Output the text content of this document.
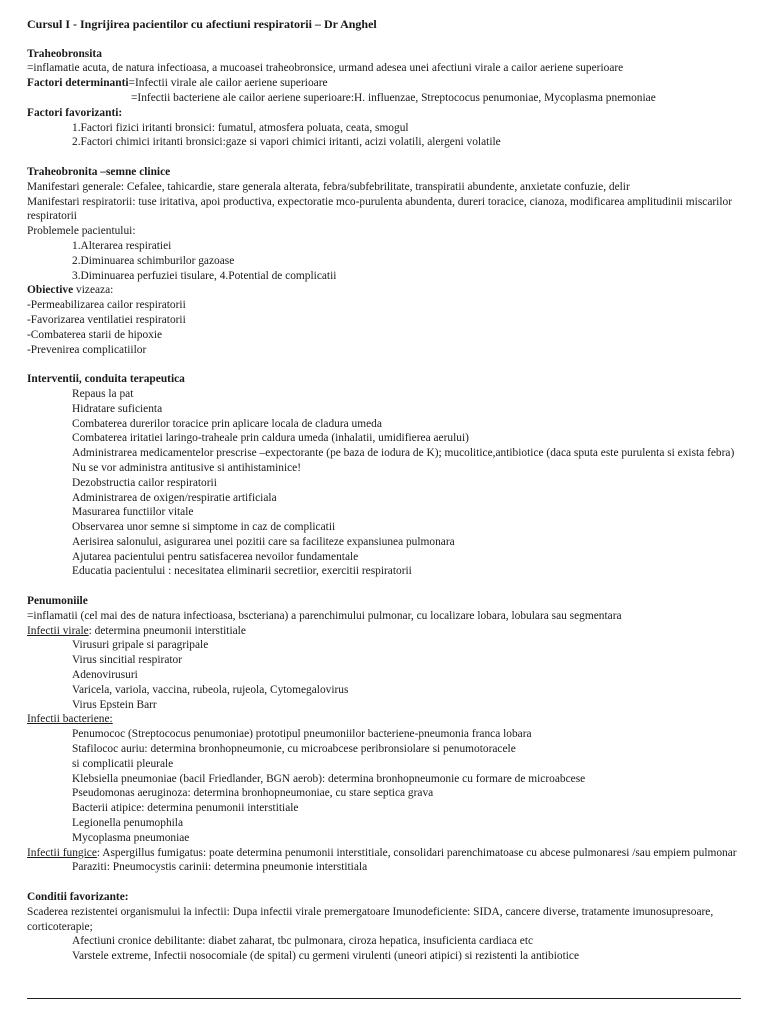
Cursul I - Ingrijirea pacientilor cu afectiuni respiratorii – Dr Anghel
Traheobronsita
=inflamatie acuta, de natura infectioasa, a mucoasei traheobronsice, urmand adesea unei afectiuni virale a cailor aeriene superioare
Factori determinanti=Infectii virale ale cailor aeriene superioare
=Infectii bacteriene ale cailor aeriene superioare:H. influenzae, Streptococus penumoniae, Mycoplasma pnemoniae
Factori favorizanti:
1.Factori fizici iritanti bronsici: fumatul, atmosfera poluata, ceata, smogul
2.Factori chimici iritanti bronsici:gaze si vapori chimici iritanti, acizi volatili, alergeni volatile
Traheobronita –semne clinice
Manifestari generale: Cefalee, tahicardie, stare generala alterata, febra/subfebrilitate, transpiratii abundente, anxietate confuzie, delir
Manifestari respiratorii: tuse iritativa, apoi productiva, expectoratie mco-purulenta abundenta, dureri toracice, cianoza, modificarea amplitudinii miscarilor respiratorii
Problemele pacientului:
1.Alterarea respiratiei
2.Diminuarea schimburilor gazoase
3.Diminuarea perfuziei tisulare, 4.Potential de complicatii
Obiective vizeaza:
-Permeabilizarea cailor respiratorii
-Favorizarea ventilatiei respiratorii
-Combaterea starii de hipoxie
-Prevenirea complicatiilor
Interventii, conduita terapeutica
Repaus la pat
Hidratare suficienta
Combaterea durerilor toracice prin aplicare locala de cladura umeda
Combaterea iritatiei laringo-traheale prin caldura umeda (inhalatii, umidifierea aerului)
Administrarea medicamentelor prescrise –expectorante (pe baza de iodura de K); mucolitice,antibiotice (daca sputa este purulenta si exista febra)
Nu se vor administra antitusive si antihistaminice!
Dezobstructia cailor respiratorii
Administrarea de oxigen/respiratie artificiala
Masurarea functiilor vitale
Observarea unor semne si simptome in caz de complicatii
Aerisirea salonului, asigurarea unei pozitii care sa faciliteze expansiunea pulmonara
Ajutarea pacientului pentru satisfacerea nevoilor fundamentale
Educatia pacientului : necesitatea eliminarii secretiior, exercitii respiratorii
Penumoniile
=inflamatii (cel mai des de natura infectioasa, bscteriana) a parenchimului pulmonar, cu localizare lobara, lobulara sau segmentara
Infectii virale: determina pneumonii interstitiale
Virusuri gripale si paragripale
Virus sincitial respirator
Adenovirusuri
Varicela, variola, vaccina, rubeola, rujeola, Cytomegalovirus
Virus Epstein Barr
Infectii bacteriene:
Penumococ (Streptococus penumoniae) prototipul pneumoniilor bacteriene-pneumonia franca lobara
Stafilococ auriu: determina bronhopneumonie, cu microabcese peribronsiolare si penumotoracele
si complicatii pleurale
Klebsiella pneumoniae (bacil Friedlander, BGN aerob): determina bronhopneumonie cu formare de microabcese
Pseudomonas aeruginoza: determina bronhopneumoniae, cu stare septica grava
Bacterii atipice: determina penumonii interstitiale
Legionella penumophila
Mycoplasma pneumoniae
Infectii fungice: Aspergillus fumigatus: poate determina penumonii interstitiale, consolidari parenchimatoase cu abcese pulmonaresi /sau empiem pulmonar
Paraziti: Pneumocystis carinii: determina pneumonie interstitiala
Conditii favorizante:
Scaderea rezistentei organismului la infectii: Dupa infectii virale premergatoare Imunodeficiente: SIDA, cancere diverse, tratamente imunosupresoare, corticoterapie;
Afectiuni cronice debilitante: diabet zaharat, tbc pulmonara, ciroza hepatica, insuficienta cardiaca etc
Varstele extreme, Infectii nosocomiale (de spital) cu germeni virulenti (uneori atipici) si rezistenti la antibiotice
